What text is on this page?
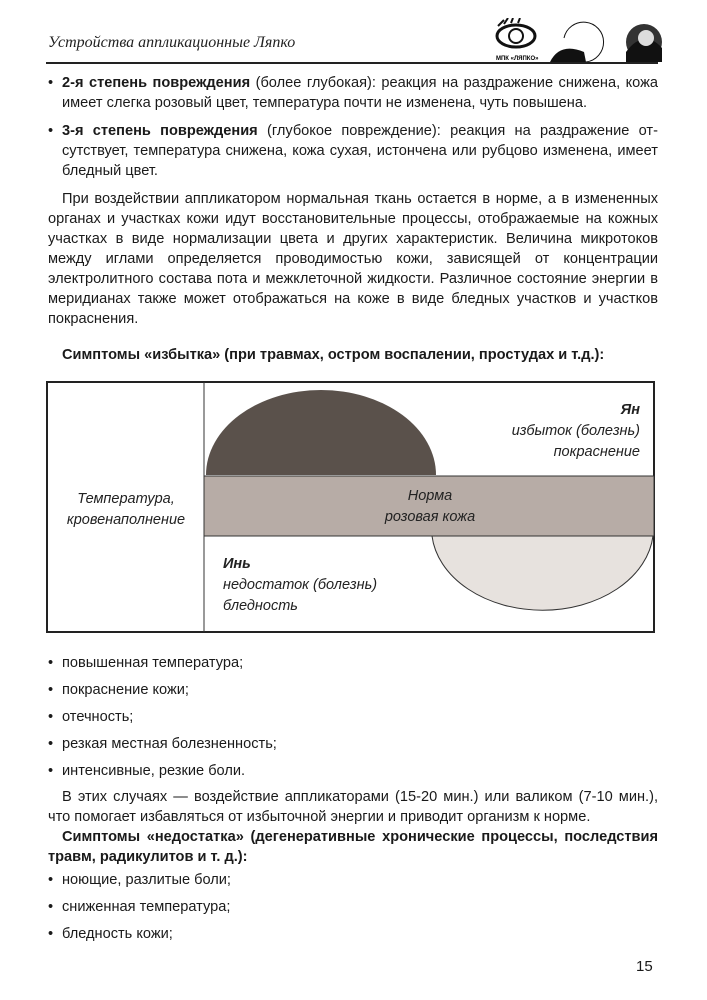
Устройства аппликационные Ляпко
МПК «ЛЯПКО»
• 2-я степень повреждения (более глубокая): реакция на раздражение снижена, кожа имеет слегка розовый цвет, температура почти не изменена, чуть повышена.
• 3-я степень повреждения (глубокое повреждение): реакция на раздражение отсутствует, температура снижена, кожа сухая, истончена или рубцово изменена, имеет бледный цвет.
При воздействии аппликатором нормальная ткань остается в норме, а в измененных органах и участках кожи идут восстановительные процессы, отображаемые на кожных участках в виде нормализации цвета и других характеристик. Величина микротоков между иглами определяется проводимостью кожи, зависящей от концентрации электролитного состава пота и межклеточной жидкости. Различное состояние энергии в меридианах также может отображаться на коже в виде бледных участков и участков покраснения.
Симптомы «избытка» (при травмах, остром воспалении, простудах и т.д.):
Температура,
кровенаполнение
Ян
избыток (болезнь)
покраснение
Норма
розовая кожа
Инь
недостаток (болезнь)
бледность
• повышенная температура;
• покраснение кожи;
• отечность;
• резкая местная болезненность;
• интенсивные, резкие боли.
В этих случаях — воздействие аппликаторами (15-20 мин.) или валиком (7-10 мин.), что помогает избавляться от избыточной энергии и приводит организм к норме.
Симптомы «недостатка» (дегенеративные хронические процессы, последствия травм, радикулитов и т. д.):
• ноющие, разлитые боли;
• сниженная температура;
• бледность кожи;
15
